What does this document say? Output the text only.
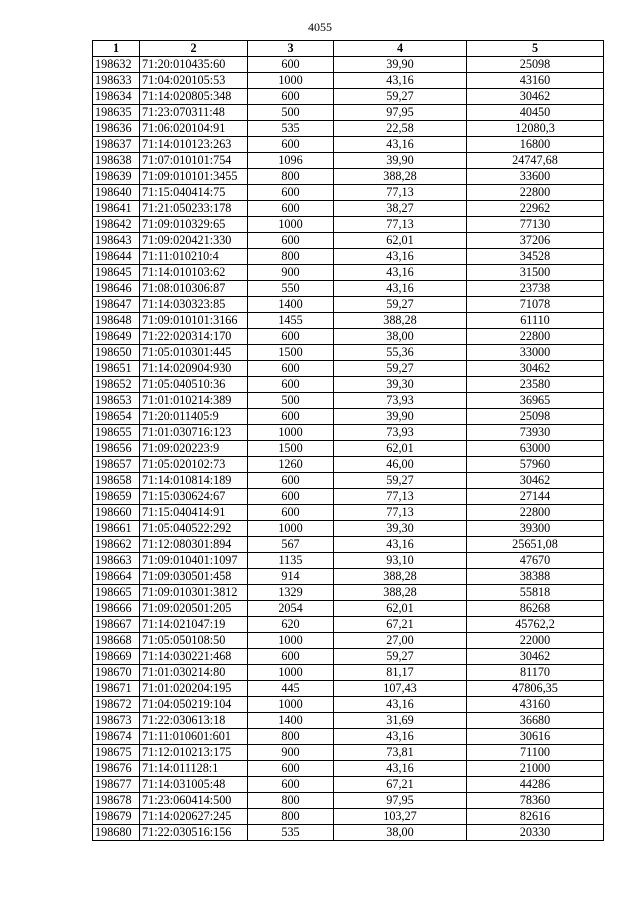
4055
1	2	3	4	5
198632	71:20:010435:60	600	39,90	25098
198633	71:04:020105:53	1000	43,16	43160
198634	71:14:020805:348	600	59,27	30462
198635	71:23:070311:48	500	97,95	40450
198636	71:06:020104:91	535	22,58	12080,3
198637	71:14:010123:263	600	43,16	16800
198638	71:07:010101:754	1096	39,90	24747,68
198639	71:09:010101:3455	800	388,28	33600
198640	71:15:040414:75	600	77,13	22800
198641	71:21:050233:178	600	38,27	22962
198642	71:09:010329:65	1000	77,13	77130
198643	71:09:020421:330	600	62,01	37206
198644	71:11:010210:4	800	43,16	34528
198645	71:14:010103:62	900	43,16	31500
198646	71:08:010306:87	550	43,16	23738
198647	71:14:030323:85	1400	59,27	71078
198648	71:09:010101:3166	1455	388,28	61110
198649	71:22:020314:170	600	38,00	22800
198650	71:05:010301:445	1500	55,36	33000
198651	71:14:020904:930	600	59,27	30462
198652	71:05:040510:36	600	39,30	23580
198653	71:01:010214:389	500	73,93	36965
198654	71:20:011405:9	600	39,90	25098
198655	71:01:030716:123	1000	73,93	73930
198656	71:09:020223:9	1500	62,01	63000
198657	71:05:020102:73	1260	46,00	57960
198658	71:14:010814:189	600	59,27	30462
198659	71:15:030624:67	600	77,13	27144
198660	71:15:040414:91	600	77,13	22800
198661	71:05:040522:292	1000	39,30	39300
198662	71:12:080301:894	567	43,16	25651,08
198663	71:09:010401:1097	1135	93,10	47670
198664	71:09:030501:458	914	388,28	38388
198665	71:09:010301:3812	1329	388,28	55818
198666	71:09:020501:205	2054	62,01	86268
198667	71:14:021047:19	620	67,21	45762,2
198668	71:05:050108:50	1000	27,00	22000
198669	71:14:030221:468	600	59,27	30462
198670	71:01:030214:80	1000	81,17	81170
198671	71:01:020204:195	445	107,43	47806,35
198672	71:04:050219:104	1000	43,16	43160
198673	71:22:030613:18	1400	31,69	36680
198674	71:11:010601:601	800	43,16	30616
198675	71:12:010213:175	900	73,81	71100
198676	71:14:011128:1	600	43,16	21000
198677	71:14:031005:48	600	67,21	44286
198678	71:23:060414:500	800	97,95	78360
198679	71:14:020627:245	800	103,27	82616
198680	71:22:030516:156	535	38,00	20330
